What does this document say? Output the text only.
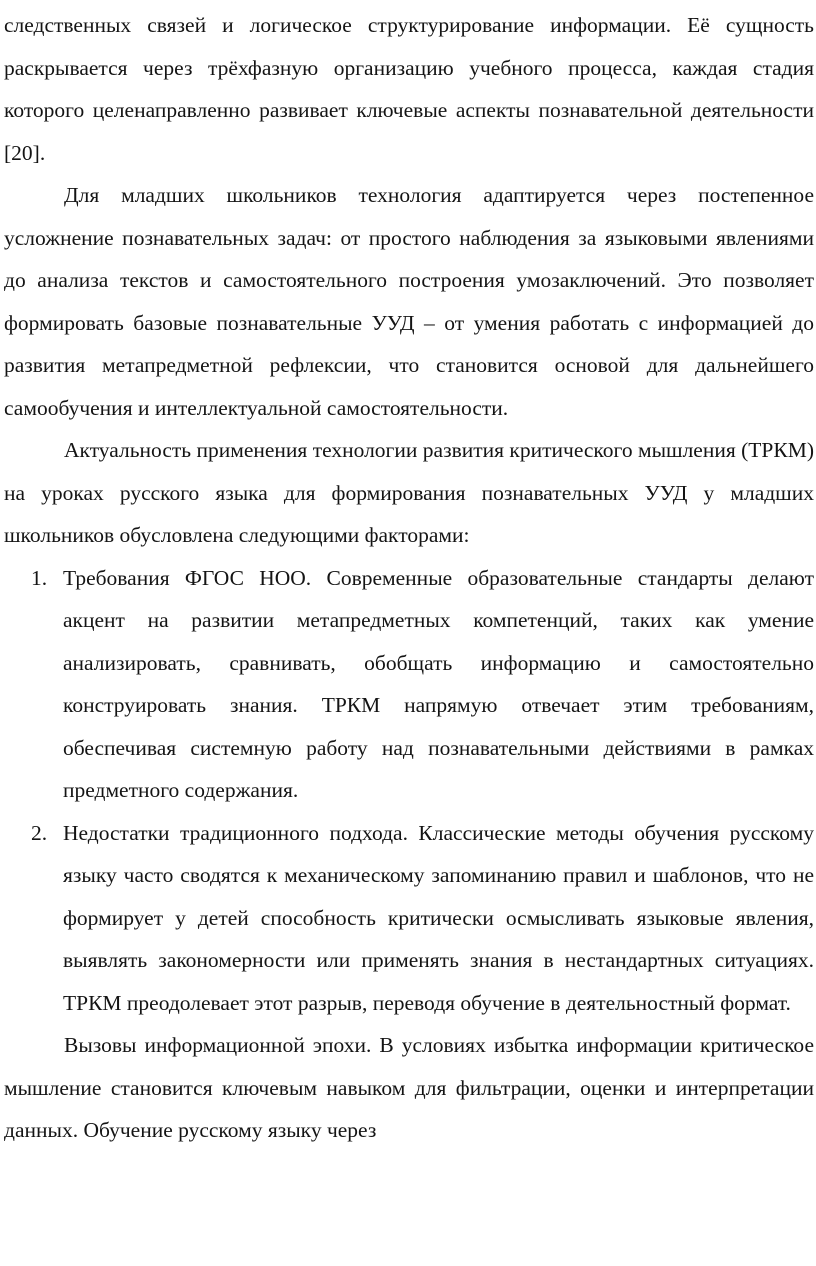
следственных связей и логическое структурирование информации. Её сущность раскрывается через трёхфазную организацию учебного процесса, каждая стадия которого целенаправленно развивает ключевые аспекты познавательной деятельности [20].

Для младших школьников технология адаптируется через постепенное усложнение познавательных задач: от простого наблюдения за языковыми явлениями до анализа текстов и самостоятельного построения умозаключений. Это позволяет формировать базовые познавательные УУД – от умения работать с информацией до развития метапредметной рефлексии, что становится основой для дальнейшего самообучения и интеллектуальной самостоятельности.

Актуальность применения технологии развития критического мышления (ТРКМ) на уроках русского языка для формирования познавательных УУД у младших школьников обусловлена следующими факторами:

1. Требования ФГОС НОО. Современные образовательные стандарты делают акцент на развитии метапредметных компетенций, таких как умение анализировать, сравнивать, обобщать информацию и самостоятельно конструировать знания. ТРКМ напрямую отвечает этим требованиям, обеспечивая системную работу над познавательными действиями в рамках предметного содержания.
2. Недостатки традиционного подхода. Классические методы обучения русскому языку часто сводятся к механическому запоминанию правил и шаблонов, что не формирует у детей способность критически осмысливать языковые явления, выявлять закономерности или применять знания в нестандартных ситуациях. ТРКМ преодолевает этот разрыв, переводя обучение в деятельностный формат.

Вызовы информационной эпохи. В условиях избытка информации критическое мышление становится ключевым навыком для фильтрации, оценки и интерпретации данных. Обучение русскому языку через
